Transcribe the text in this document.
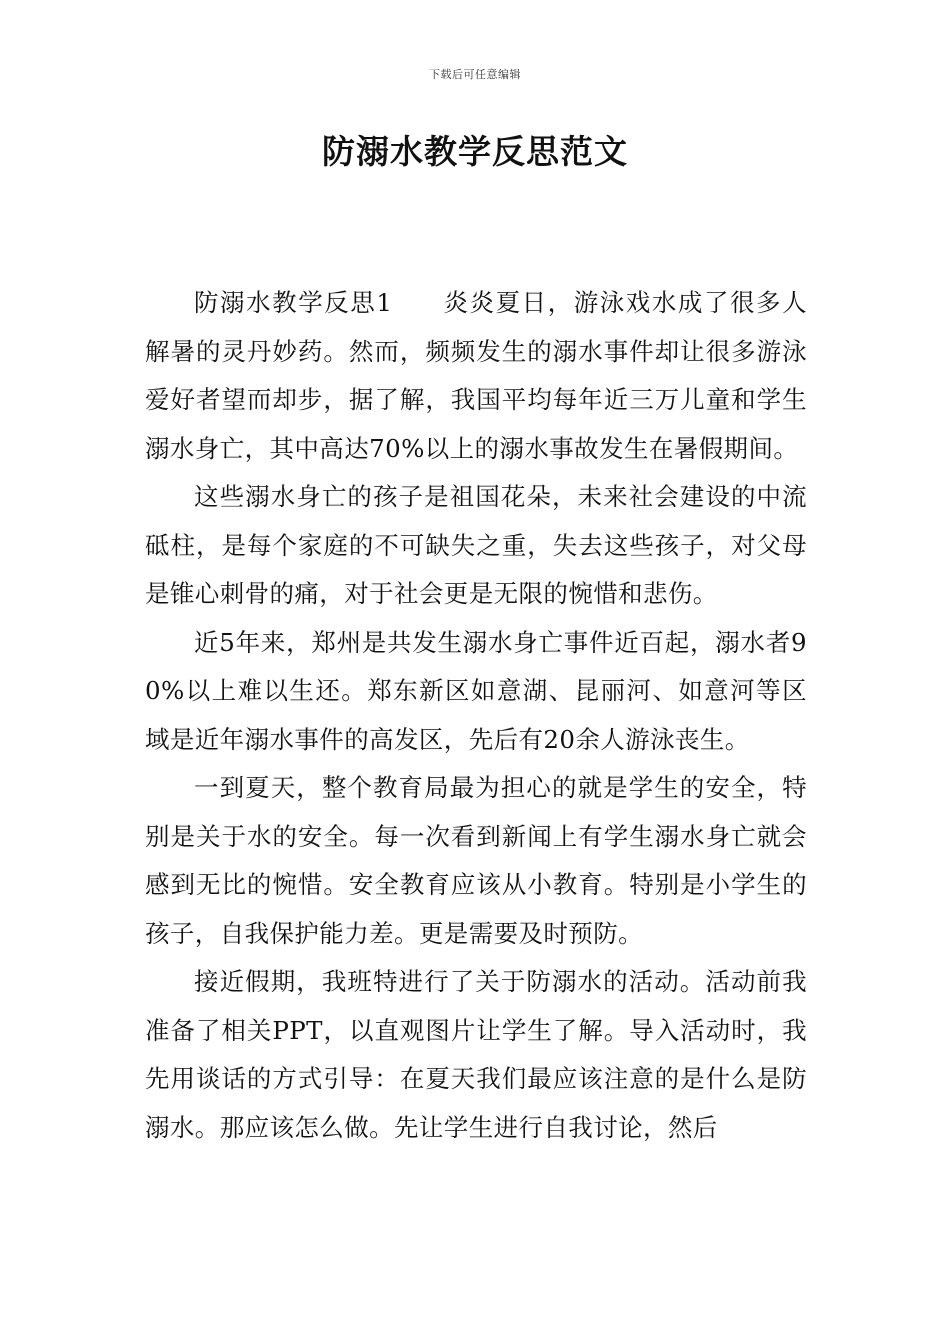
下载后可任意编辑
防溺水教学反思范文

防溺水教学反思1 炎炎夏日，游泳戏水成了很多人解暑的灵丹妙药。然而，频频发生的溺水事件却让很多游泳爱好者望而却步，据了解，我国平均每年近三万儿童和学生溺水身亡，其中高达70%以上的溺水事故发生在暑假期间。

这些溺水身亡的孩子是祖国花朵，未来社会建设的中流砥柱，是每个家庭的不可缺失之重，失去这些孩子，对父母是锥心刺骨的痛，对于社会更是无限的惋惜和悲伤。

近5年来，郑州是共发生溺水身亡事件近百起，溺水者90%以上难以生还。郑东新区如意湖、昆丽河、如意河等区域是近年溺水事件的高发区，先后有20余人游泳丧生。

一到夏天，整个教育局最为担心的就是学生的安全，特别是关于水的安全。每一次看到新闻上有学生溺水身亡就会感到无比的惋惜。安全教育应该从小教育。特别是小学生的孩子，自我保护能力差。更是需要及时预防。

接近假期，我班特进行了关于防溺水的活动。活动前我准备了相关PPT，以直观图片让学生了解。导入活动时，我先用谈话的方式引导：在夏天我们最应该注意的是什么是防溺水。那应该怎么做。先让学生进行自我讨论，然后
